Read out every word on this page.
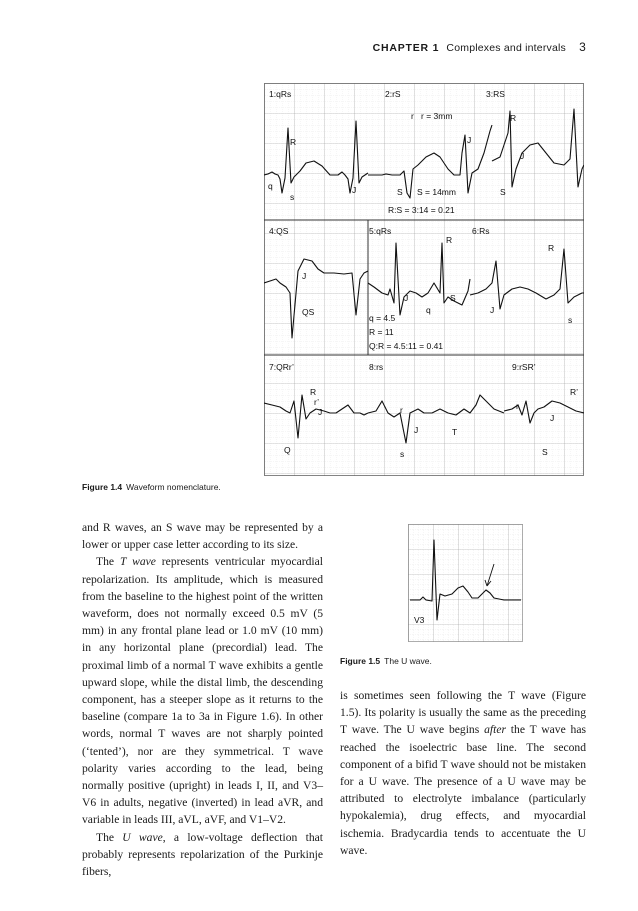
CHAPTER 1 Complexes and intervals 3
1:qRs
R
q
s
J
2:rS
r r = 3mm
J
S S = 14mm
R:S = 3:14 = 0.21
3:RS
R
J
S
4:QS
J
QS
5:qRs
R
J	S
q
q = 4.5
R = 11
Q:R = 4.5:11 = 0.41
6:Rs
R
J
s
7:QRr’
R
r’
J
Q
8:rs
r
J	T
s
9:rSR’
R’
r
J
S
Figure 1.4 Waveform nomenclature.
V3
Figure 1.5 The U wave.

and R waves, an S wave may be represented by a lower or upper case letter according to its size.

The T wave represents ventricular myocardial repolarization. Its amplitude, which is measured from the baseline to the highest point of the written waveform, does not normally exceed 0.5 mV (5 mm) in any frontal plane lead or 1.0 mV (10 mm) in any horizontal plane (precordial) lead. The proximal limb of a normal T wave exhibits a gentle upward slope, while the distal limb, the descending component, has a steeper slope as it returns to the baseline (compare 1a to 3a in Figure 1.6). In other words, normal T waves are not sharply pointed (‘tented’), nor are they symmetrical. T wave polarity varies according to the lead, being normally positive (upright) in leads I, II, and V3–V6 in adults, negative (inverted) in lead aVR, and variable in leads III, aVL, aVF, and V1–V2.

The U wave, a low-voltage deflection that probably represents repolarization of the Purkinje fibers,

is sometimes seen following the T wave (Figure 1.5). Its polarity is usually the same as the preceding T wave. The U wave begins after the T wave has reached the isoelectric base line. The second component of a bifid T wave should not be mistaken for a U wave. The presence of a U wave may be attributed to electrolyte imbalance (particularly hypokalemia), drug effects, and myocardial ischemia. Bradycardia tends to accentuate the U wave.
